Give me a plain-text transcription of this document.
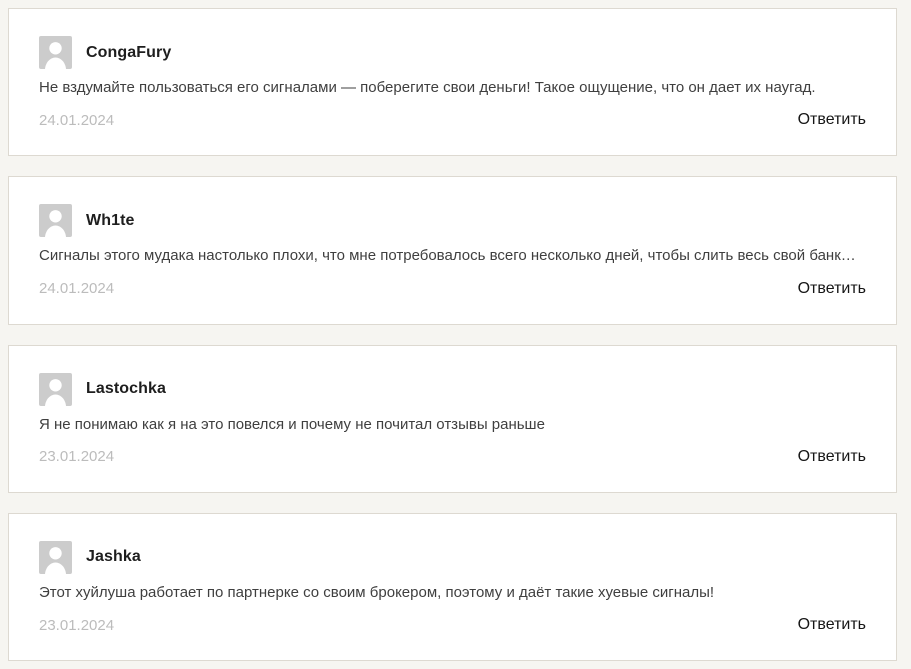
CongaFury

Не вздумайте пользоваться его сигналами — поберегите свои деньги! Такое ощущение, что он дает их наугад.

24.01.2024	Ответить
Wh1te

Сигналы этого мудака настолько плохи, что мне потребовалось всего несколько дней, чтобы слить весь свой банк…

24.01.2024	Ответить
Lastochka

Я не понимаю как я на это повелся и почему не почитал отзывы раньше

23.01.2024	Ответить
Jashka

Этот хуйлуша работает по партнерке со своим брокером, поэтому и даёт такие хуевые сигналы!

23.01.2024	Ответить
